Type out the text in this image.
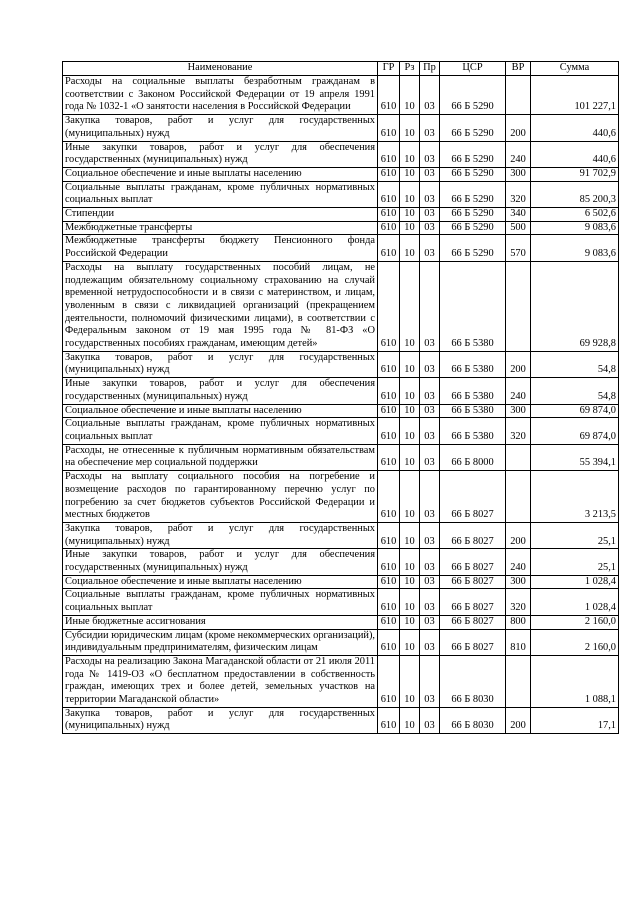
Наименование	ГР	Рз	Пр	ЦСР	ВР	Сумма
Расходы на социальные выплаты безработным гражданам в соответствии с Законом Российской Федерации от 19 апреля 1991 года № 1032-1 «О занятости населения в Российской Федерации	610	10	03	66 Б 5290		101 227,1
Закупка товаров, работ и услуг для государственных (муниципальных) нужд	610	10	03	66 Б 5290	200	440,6
Иные закупки товаров, работ и услуг для обеспечения государственных (муниципальных) нужд	610	10	03	66 Б 5290	240	440,6
Социальное обеспечение и иные выплаты населению	610	10	03	66 Б 5290	300	91 702,9
Социальные выплаты гражданам, кроме публичных нормативных социальных выплат	610	10	03	66 Б 5290	320	85 200,3
Стипендии	610	10	03	66 Б 5290	340	6 502,6
Межбюджетные трансферты	610	10	03	66 Б 5290	500	9 083,6
Межбюджетные трансферты бюджету Пенсионного фонда Российской Федерации	610	10	03	66 Б 5290	570	9 083,6
Расходы на выплату государственных пособий лицам, не подлежащим обязательному социальному страхованию на случай временной нетрудоспособности и в связи с материнством, и лицам, уволенным в связи с ликвидацией организаций (прекращением деятельности, полномочий физическими лицами), в соответствии с Федеральным законом от 19 мая 1995 года № 81-ФЗ «О государственных пособиях гражданам, имеющим детей»	610	10	03	66 Б 5380		69 928,8
Закупка товаров, работ и услуг для государственных (муниципальных) нужд	610	10	03	66 Б 5380	200	54,8
Иные закупки товаров, работ и услуг для обеспечения государственных (муниципальных) нужд	610	10	03	66 Б 5380	240	54,8
Социальное обеспечение и иные выплаты населению	610	10	03	66 Б 5380	300	69 874,0
Социальные выплаты гражданам, кроме публичных нормативных социальных выплат	610	10	03	66 Б 5380	320	69 874,0
Расходы, не отнесенные к публичным нормативным обязательствам на обеспечение мер социальной поддержки	610	10	03	66 Б 8000		55 394,1
Расходы на выплату социального пособия на погребение и возмещение расходов по гарантированному перечню услуг по погребению за счет бюджетов субъектов Российской Федерации и местных бюджетов	610	10	03	66 Б 8027		3 213,5
Закупка товаров, работ и услуг для государственных (муниципальных) нужд	610	10	03	66 Б 8027	200	25,1
Иные закупки товаров, работ и услуг для обеспечения государственных (муниципальных) нужд	610	10	03	66 Б 8027	240	25,1
Социальное обеспечение и иные выплаты населению	610	10	03	66 Б 8027	300	1 028,4
Социальные выплаты гражданам, кроме публичных нормативных социальных выплат	610	10	03	66 Б 8027	320	1 028,4
Иные бюджетные ассигнования	610	10	03	66 Б 8027	800	2 160,0
Субсидии юридическим лицам (кроме некоммерческих организаций), индивидуальным предпринимателям, физическим лицам	610	10	03	66 Б 8027	810	2 160,0
Расходы на реализацию Закона Магаданской области от 21 июля 2011 года № 1419-ОЗ «О бесплатном предоставлении в собственность граждан, имеющих трех и более детей, земельных участков на территории Магаданской области»	610	10	03	66 Б 8030		1 088,1
Закупка товаров, работ и услуг для государственных (муниципальных) нужд	610	10	03	66 Б 8030	200	17,1
